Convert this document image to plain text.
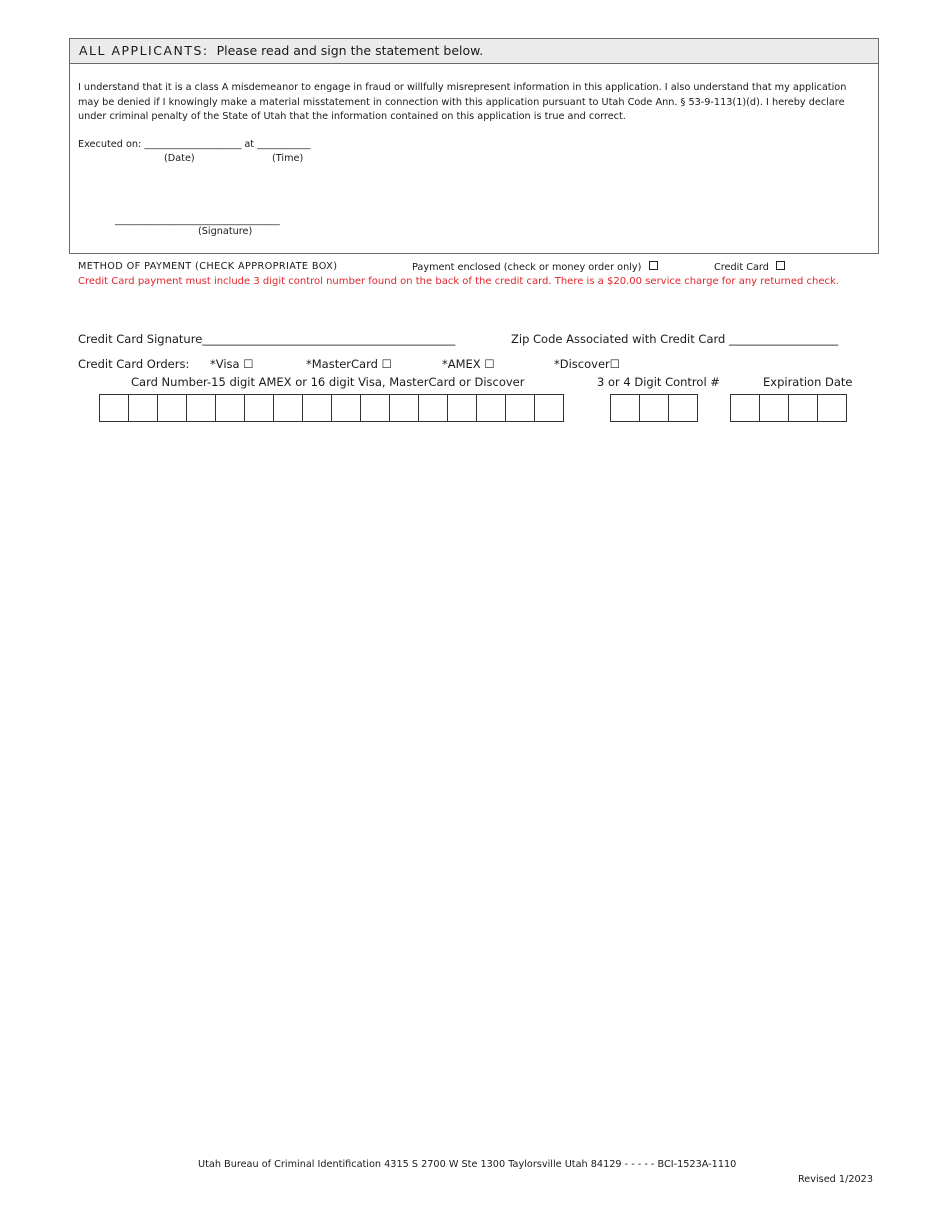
ALL APPLICANTS: Please read and sign the statement below.
I understand that it is a class A misdemeanor to engage in fraud or willfully misrepresent information in this application. I also understand that my application may be denied if I knowingly make a material misstatement in connection with this application pursuant to Utah Code Ann. § 53-9-113(1)(d). I hereby declare under criminal penalty of the State of Utah that the information contained on this application is true and correct.
Executed on: ____________________ at ___________
(Date)	(Time)
__________________________________
(Signature)
METHOD OF PAYMENT (CHECK APPROPRIATE BOX)	Payment enclosed (check or money order only)	Credit Card
Credit Card payment must include 3 digit control number found on the back of the credit card. There is a $20.00 service charge for any returned check.
Credit Card Signature____________________________________________	Zip Code Associated with Credit Card ___________________
Credit Card Orders: *Visa ☐	*MasterCard ☐	*AMEX ☐	*Discover☐
Card Number-15 digit AMEX or 16 digit Visa, MasterCard or Discover	3 or 4 Digit Control #	Expiration Date
Utah Bureau of Criminal Identification 4315 S 2700 W Ste 1300 Taylorsville Utah 84129 - - - - - BCI-1523A-1110
Revised 1/2023
